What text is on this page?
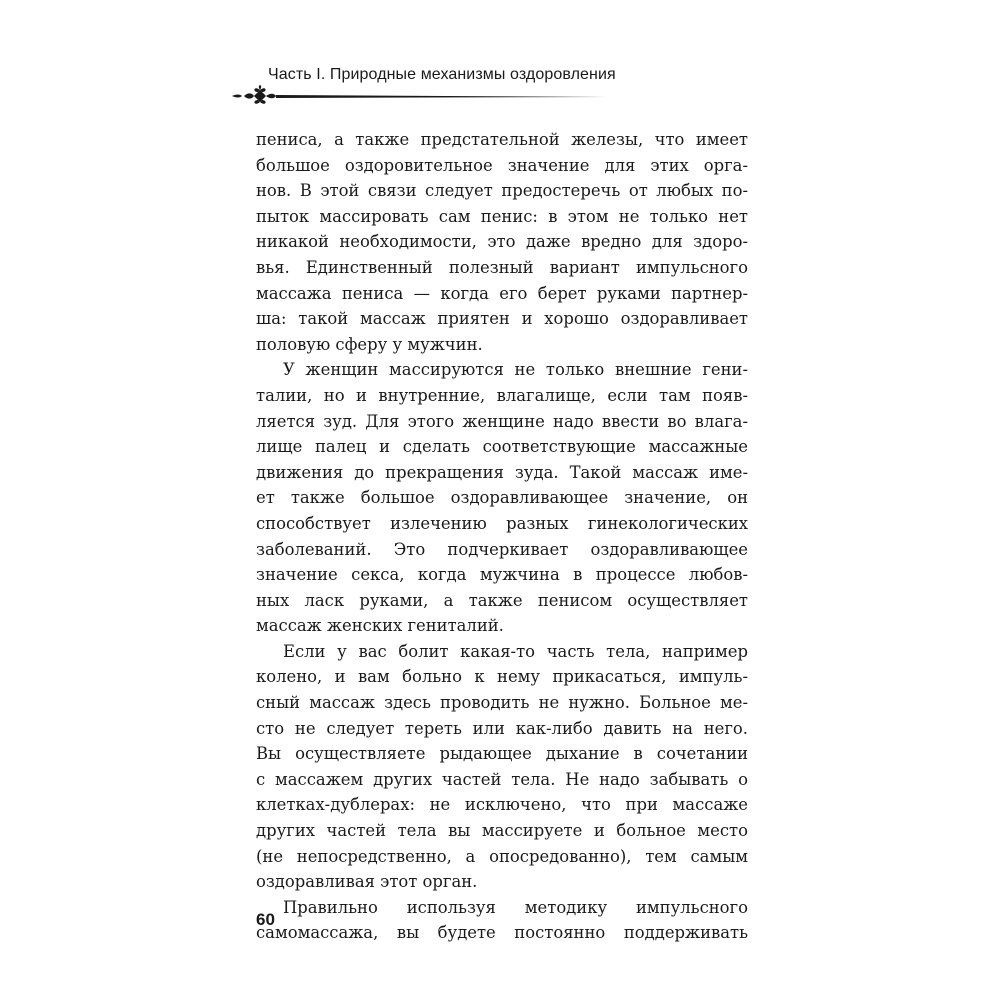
Часть I. Природные механизмы оздоровления
пениса, а также предстательной железы, что имеет
большое оздоровительное значение для этих орга-
нов. В этой связи следует предостеречь от любых по-
пыток массировать сам пенис: в этом не только нет
никакой необходимости, это даже вредно для здоро-
вья. Единственный полезный вариант импульсного
массажа пениса — когда его берет руками партнер-
ша: такой массаж приятен и хорошо оздоравливает
половую сферу у мужчин.
У женщин массируются не только внешние гени-
талии, но и внутренние, влагалище, если там появ-
ляется зуд. Для этого женщине надо ввести во влага-
лище палец и сделать соответствующие массажные
движения до прекращения зуда. Такой массаж име-
ет также большое оздоравливающее значение, он
способствует излечению разных гинекологических
заболеваний. Это подчеркивает оздоравливающее
значение секса, когда мужчина в процессе любов-
ных ласк руками, а также пенисом осуществляет
массаж женских гениталий.
Если у вас болит какая-то часть тела, например
колено, и вам больно к нему прикасаться, импуль-
сный массаж здесь проводить не нужно. Больное ме-
сто не следует тереть или как-либо давить на него.
Вы осуществляете рыдающее дыхание в сочетании
с массажем других частей тела. Не надо забывать о
клетках-дублерах: не исключено, что при массаже
других частей тела вы массируете и больное место
(не непосредственно, а опосредованно), тем самым
оздоравливая этот орган.
Правильно используя методику импульсного
самомассажа, вы будете постоянно поддерживать
60
